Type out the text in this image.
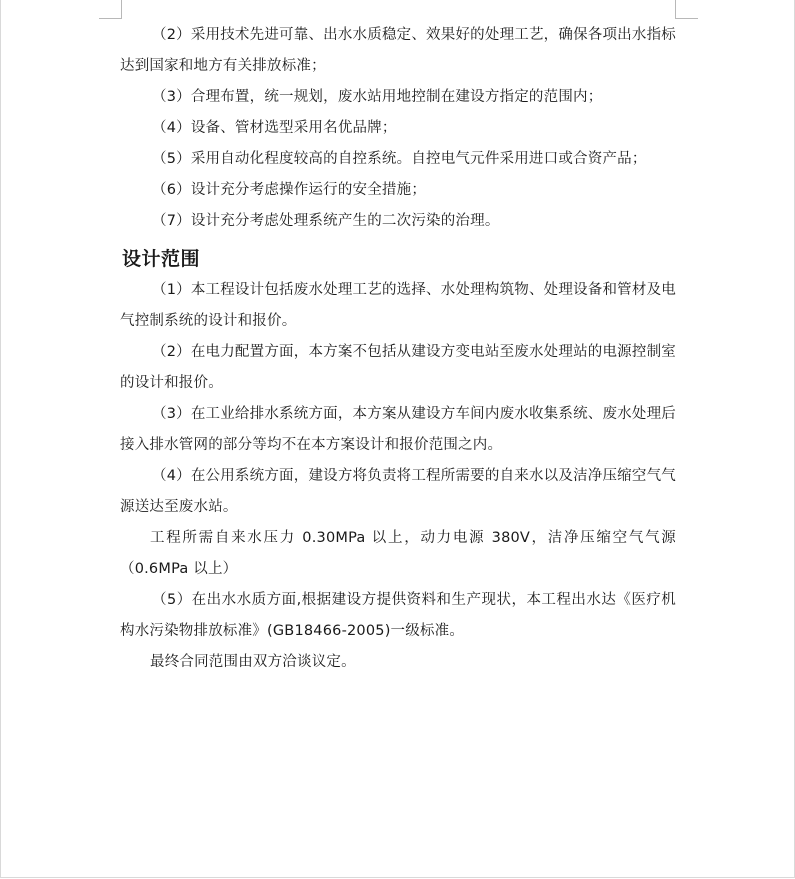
（2）采用技术先进可靠、出水水质稳定、效果好的处理工艺，确保各项出水指标达到国家和地方有关排放标准；

（3）合理布置，统一规划，废水站用地控制在建设方指定的范围内；

（4）设备、管材选型采用名优品牌；

（5）采用自动化程度较高的自控系统。自控电气元件采用进口或合资产品；

（6）设计充分考虑操作运行的安全措施；

（7）设计充分考虑处理系统产生的二次污染的治理。

设计范围

（1）本工程设计包括废水处理工艺的选择、水处理构筑物、处理设备和管材及电气控制系统的设计和报价。

（2）在电力配置方面，本方案不包括从建设方变电站至废水处理站的电源控制室的设计和报价。

（3）在工业给排水系统方面，本方案从建设方车间内废水收集系统、废水处理后接入排水管网的部分等均不在本方案设计和报价范围之内。

（4）在公用系统方面，建设方将负责将工程所需要的自来水以及洁净压缩空气气源送达至废水站。

工程所需自来水压力 0.30MPa 以上，动力电源 380V，洁净压缩空气气源（0.6MPa 以上）

（5）在出水水质方面,根据建设方提供资料和生产现状，本工程出水达《医疗机构水污染物排放标准》(GB18466-2005)一级标准。

最终合同范围由双方洽谈议定。
